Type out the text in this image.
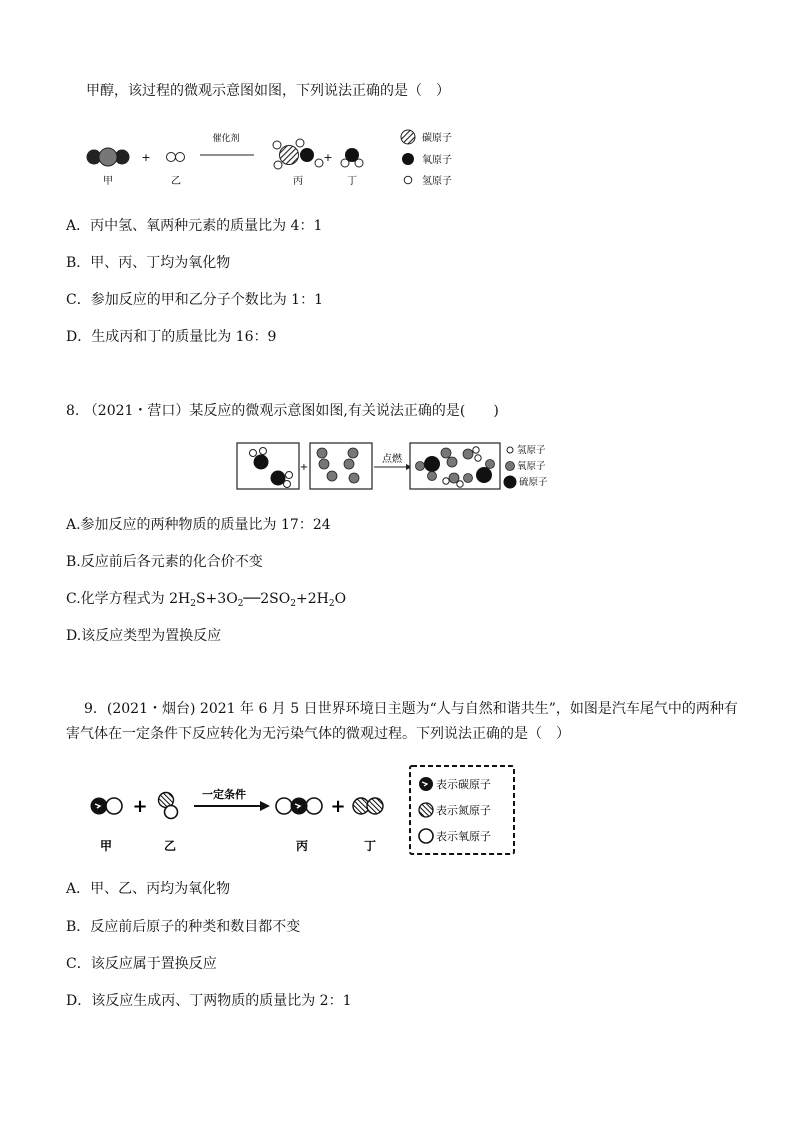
甲醇，该过程的微观示意图如图，下列说法正确的是（　）
+
催化剂
+
甲	乙	丙	丁
碳原子
氧原子
氢原子
A．丙中氢、氧两种元素的质量比为 4：1
B．甲、丙、丁均为氧化物
C．参加反应的甲和乙分子个数比为 1：1
D．生成丙和丁的质量比为 16：9
8. （2021・营口）某反应的微观示意图如图,有关说法正确的是(　　)
+
点燃
氢原子
氧原子
硫原子
A.参加反应的两种物质的质量比为 17：24
B.反应前后各元素的化合价不变
C.化学方程式为 $2H_2S+3O_2──2SO_2+2H_2O$
D.该反应类型为置换反应
9．(2021・烟台) 2021 年 6 月 5 日世界环境日主题为“人与自然和谐共生”，如图是汽车尾气中的两种有
害气体在一定条件下反应转化为无污染气体的微观过程。下列说法正确的是（　）
+
一定条件
+
甲	乙	丙	丁
表示碳原子
表示氮原子
表示氧原子
A．甲、乙、丙均为氧化物
B．反应前后原子的种类和数目都不变
C．该反应属于置换反应
D．该反应生成丙、丁两物质的质量比为 2：1
